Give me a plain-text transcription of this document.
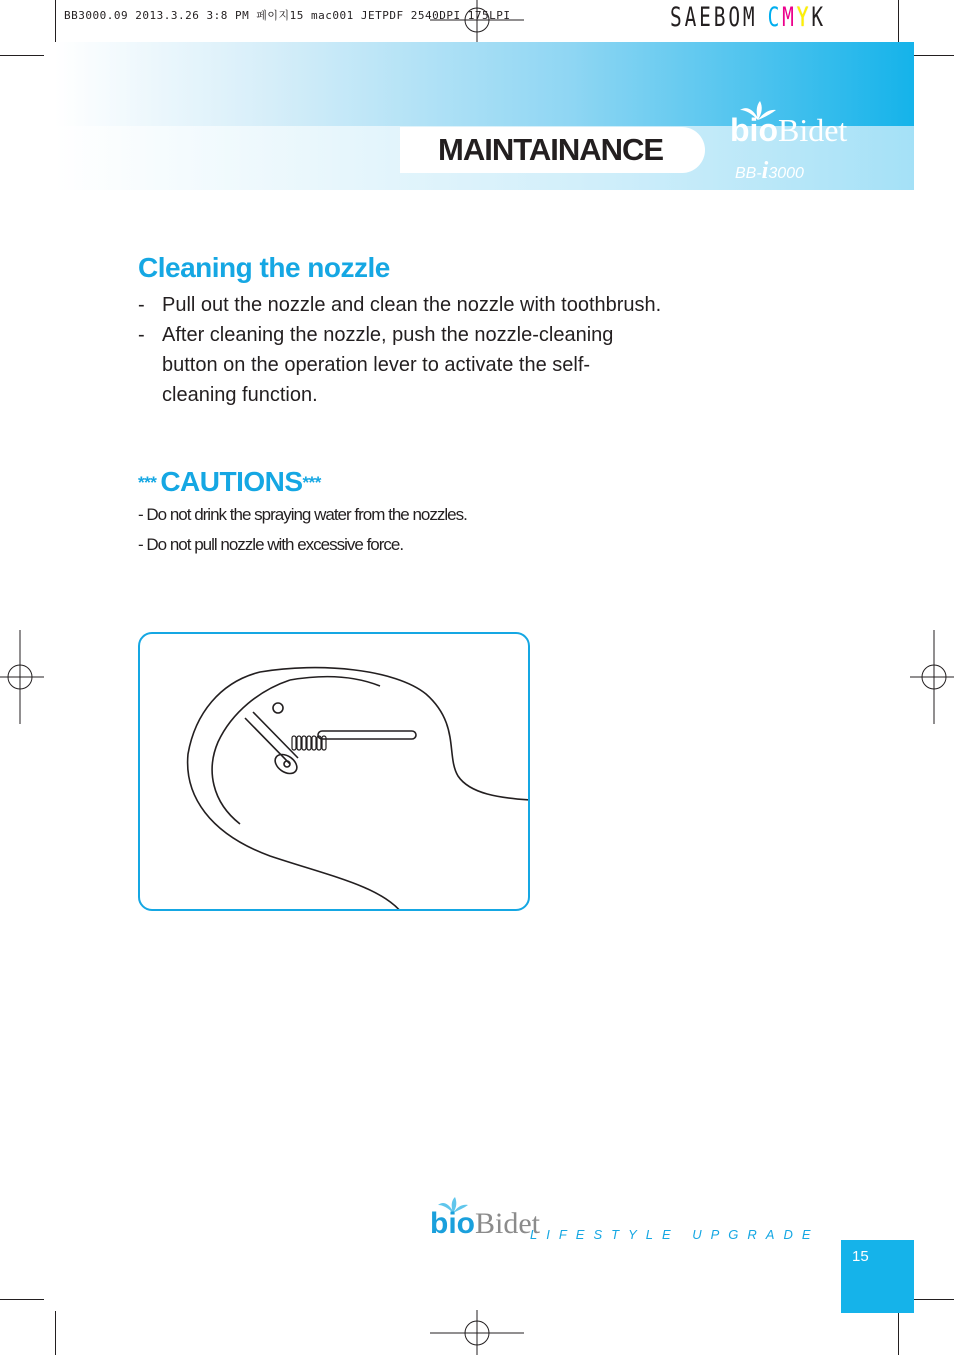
BB3000.09 2013.3.26 3:8 PM 페이지15 mac001 JETPDF 2540DPI 175LPI	SAEBOM CMYK
MAINTAINANCE
bioBidet
BB-i3000
Cleaning the nozzle
- Pull out the nozzle and clean the nozzle with toothbrush.
- After cleaning the nozzle, push the nozzle-cleaning button on the operation lever to activate the self-cleaning function.
*** CAUTIONS***
- Do not drink the spraying water from the nozzles.
- Do not pull nozzle with excessive force.
bioBidet
LIFESTYLE UPGRADE
15
